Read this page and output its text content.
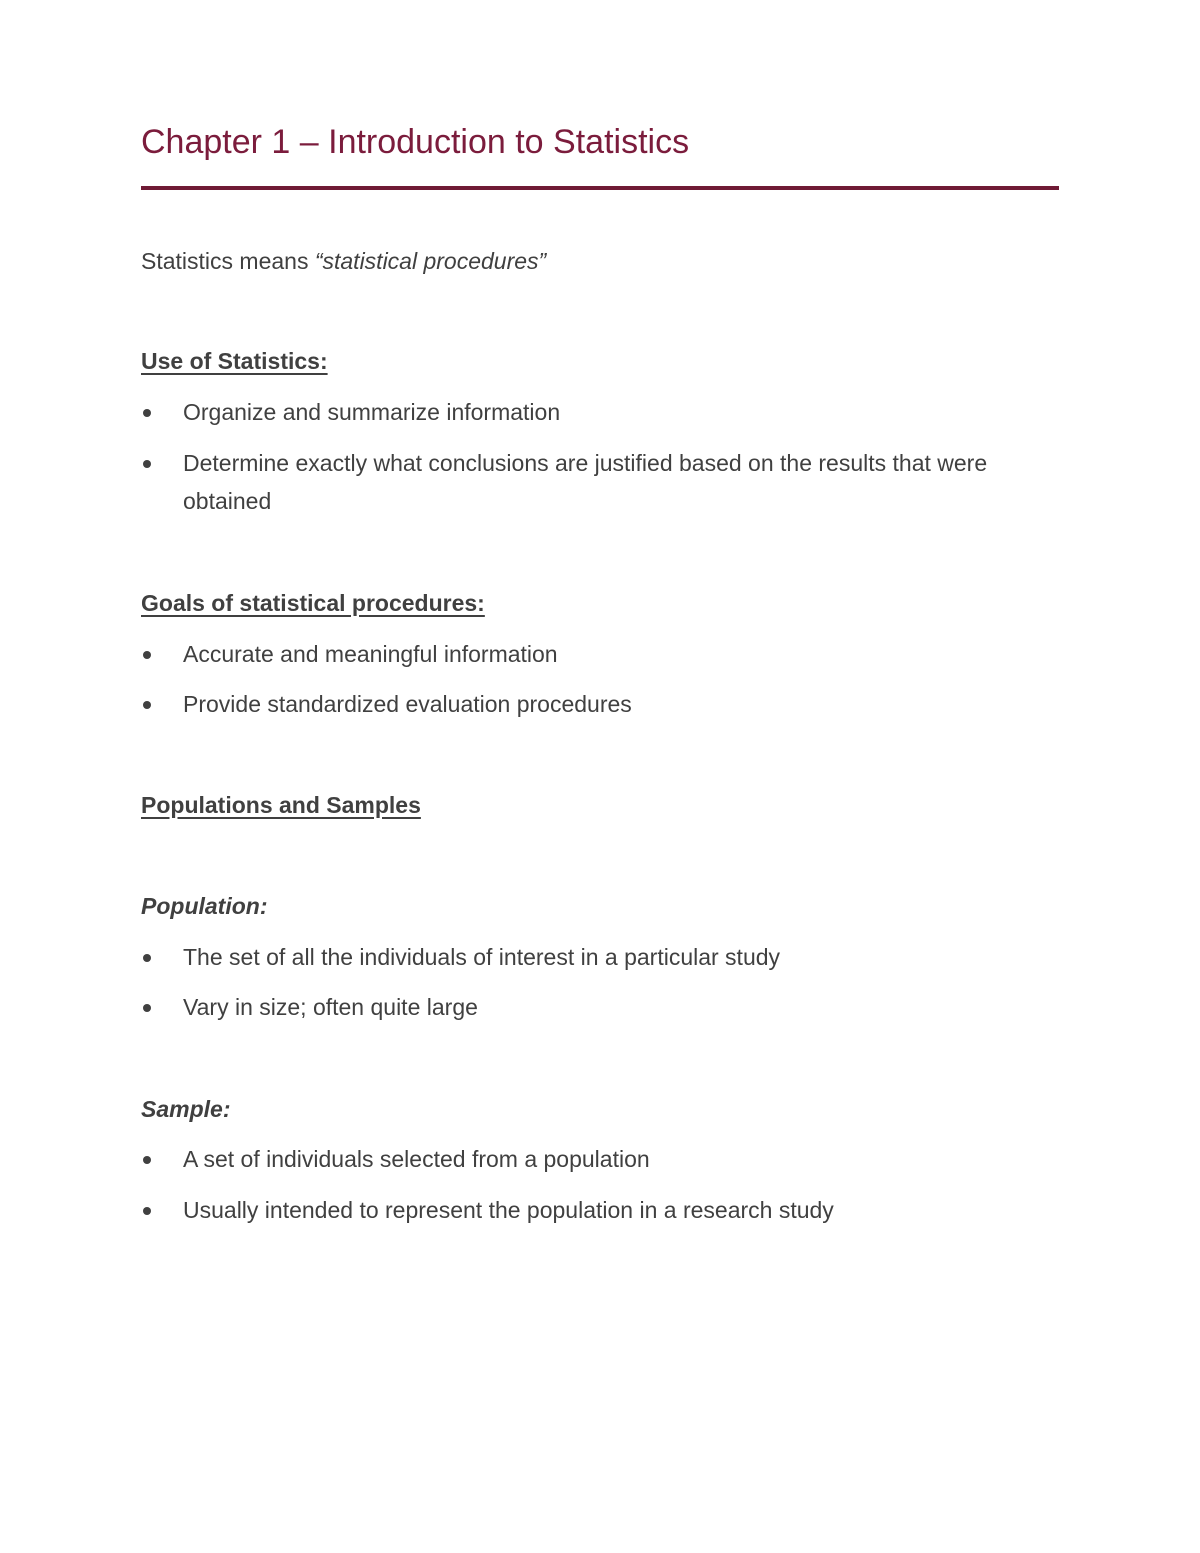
Chapter 1 – Introduction to Statistics

Statistics means “statistical procedures”

Use of Statistics:
Organize and summarize information
Determine exactly what conclusions are justified based on the results that were obtained
Goals of statistical procedures:
Accurate and meaningful information
Provide standardized evaluation procedures
Populations and Samples
Population:
The set of all the individuals of interest in a particular study
Vary in size; often quite large
Sample:
A set of individuals selected from a population
Usually intended to represent the population in a research study
